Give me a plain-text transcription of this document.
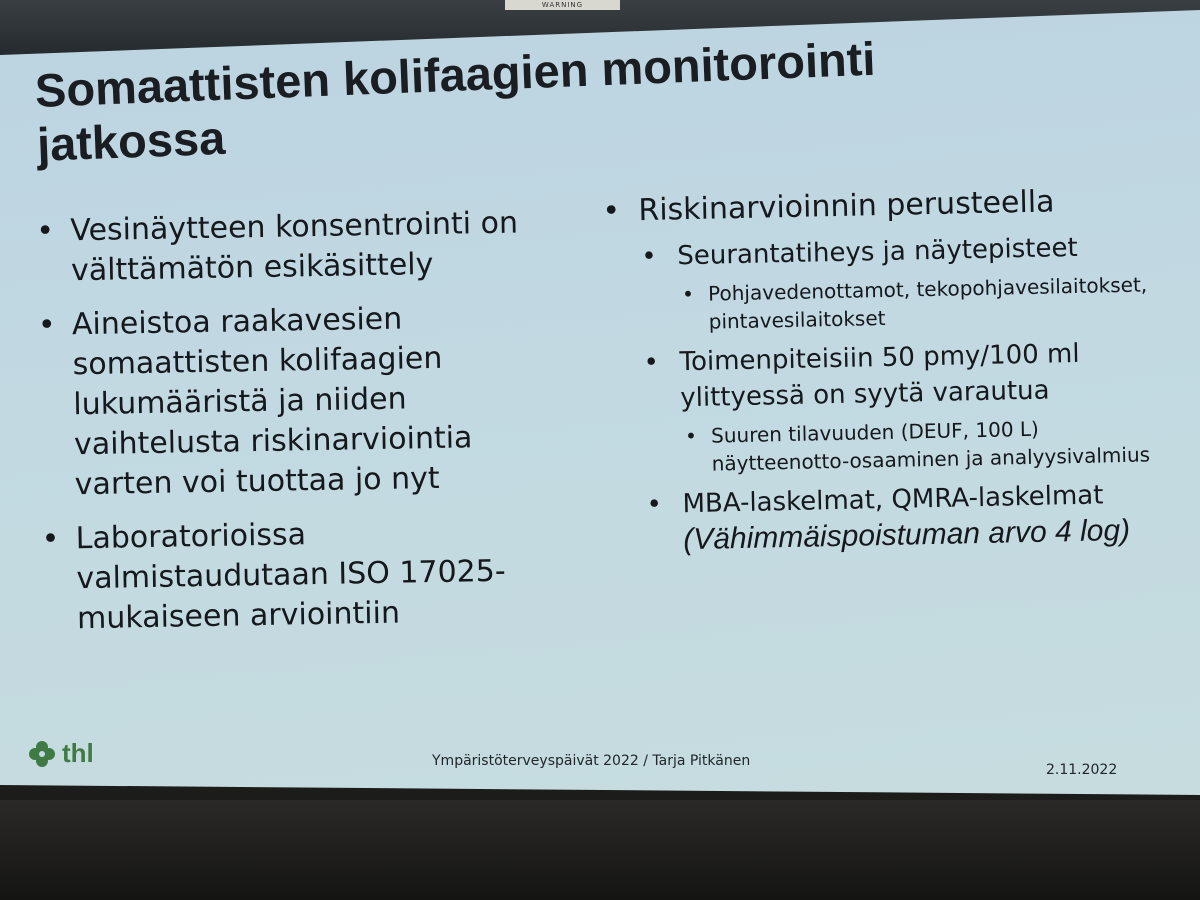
WARNING
Somaattisten kolifaagien monitorointi
jatkossa
• Vesinäytteen konsentrointi on välttämätön esikäsittely
• Aineistoa raakavesien somaattisten kolifaagien lukumääristä ja niiden vaihtelusta riskinarviointia varten voi tuottaa jo nyt
• Laboratorioissa valmistaudutaan ISO 17025-mukaiseen arviointiin
• Riskinarvioinnin perusteella
• Seurantatiheys ja näytepisteet
• Pohjavedenottamot, tekopohjavesilaitokset, pintavesilaitokset
• Toimenpiteisiin 50 pmy/100 ml ylittyessä on syytä varautua
• Suuren tilavuuden (DEUF, 100 L) näytteenotto-osaaminen ja analyysivalmius
• MBA-laskelmat, QMRA-laskelmat
(Vähimmäispoistuman arvo 4 log)
thl	Ympäristöterveyspäivät 2022 / Tarja Pitkänen
2.11.2022
